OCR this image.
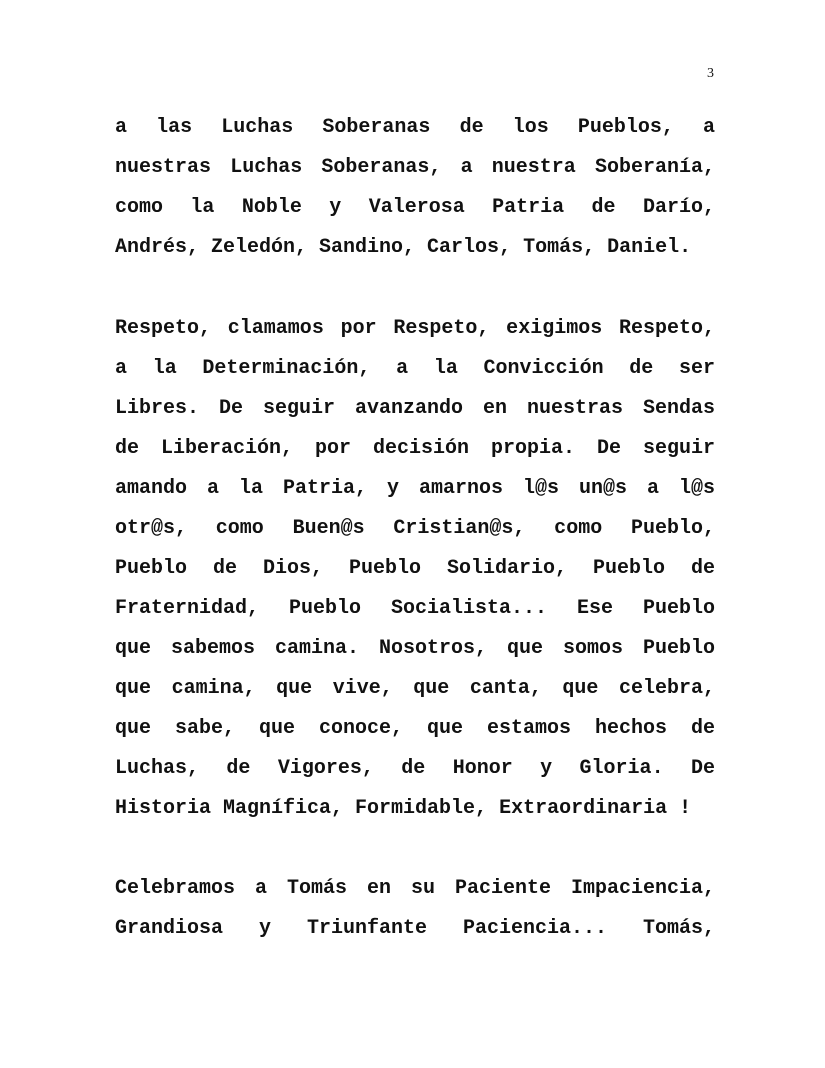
3
a las Luchas Soberanas de los Pueblos, a
nuestras Luchas Soberanas, a nuestra Soberanía,
como la Noble y Valerosa Patria de Darío,
Andrés, Zeledón, Sandino, Carlos, Tomás, Daniel.
Respeto, clamamos por Respeto, exigimos Respeto,
a la Determinación, a la Convicción de ser
Libres. De seguir avanzando en nuestras Sendas
de Liberación, por decisión propia. De seguir
amando a la Patria, y amarnos l@s un@s a l@s
otr@s, como Buen@s Cristian@s, como Pueblo,
Pueblo de Dios, Pueblo Solidario, Pueblo de
Fraternidad, Pueblo Socialista... Ese Pueblo
que sabemos camina. Nosotros, que somos Pueblo
que camina, que vive, que canta, que celebra,
que sabe, que conoce, que estamos hechos de
Luchas, de Vigores, de Honor y Gloria. De
Historia Magnífica, Formidable, Extraordinaria !
Celebramos a Tomás en su Paciente Impaciencia,
Grandiosa y Triunfante Paciencia... Tomás,
